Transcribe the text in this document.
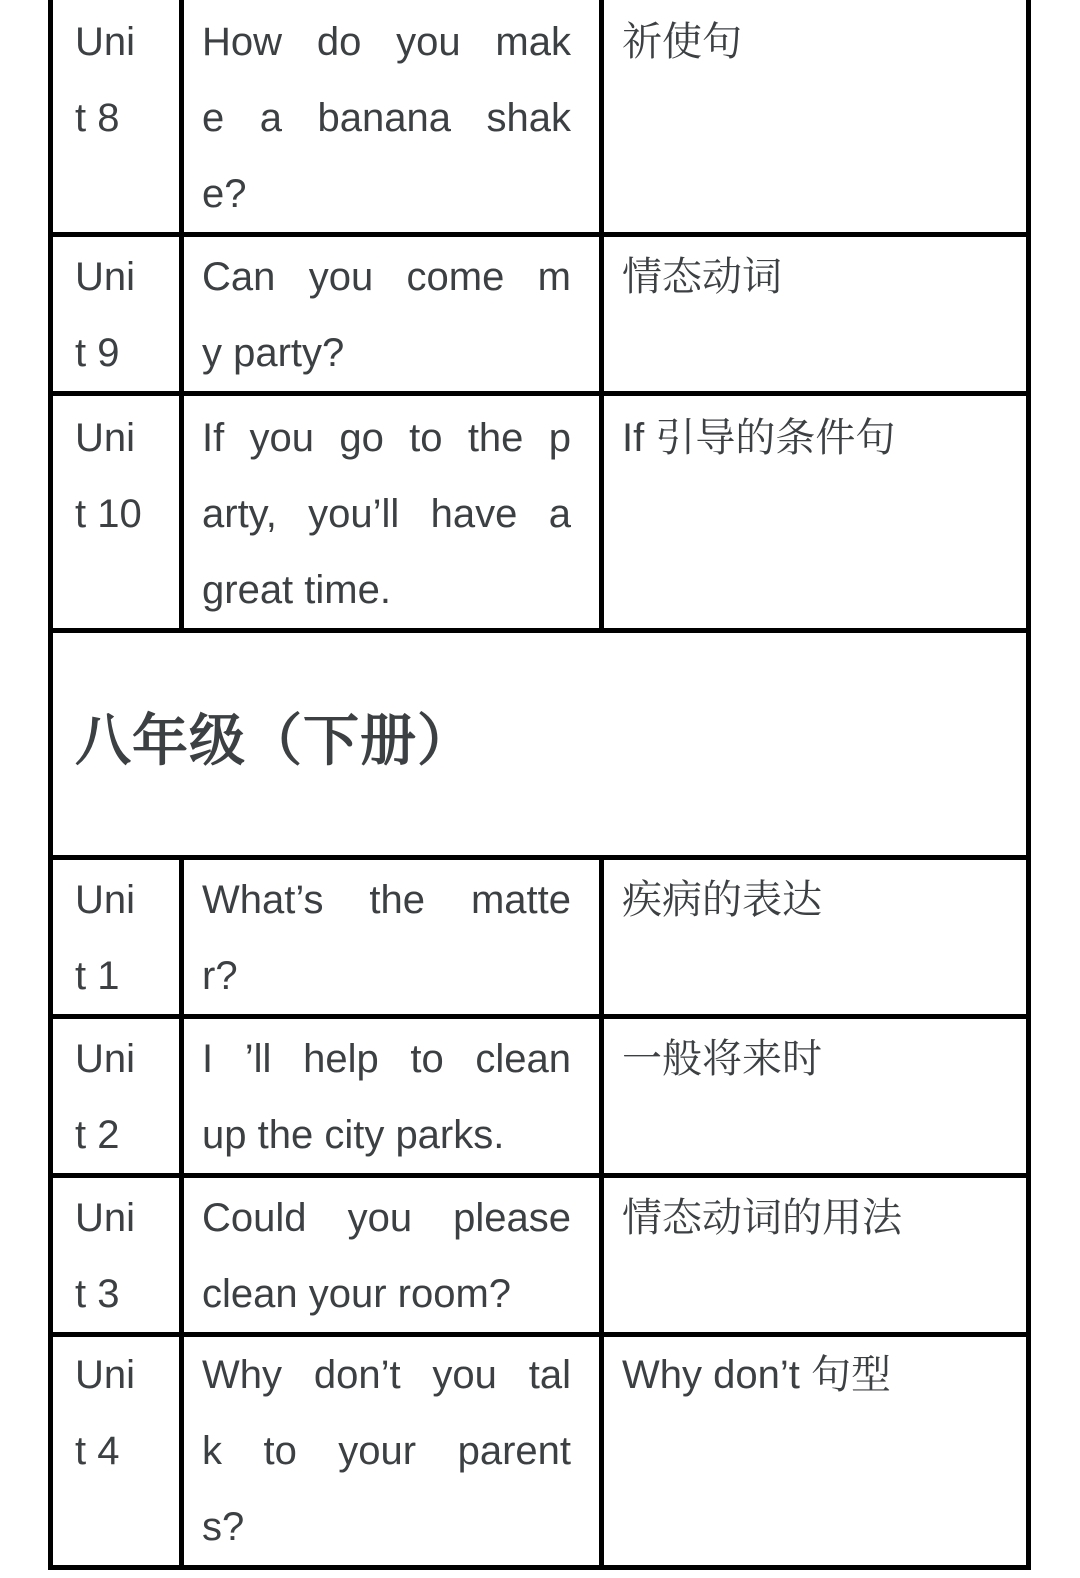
Uni
t 8
How do you mak
e a banana shak
e?
祈使句
Uni
t 9
Can you come m
y party?
情态动词
Uni
t 10
If you go to the p
arty, you’ll have a
great time.
If 引导的条件句
八年级（下册）
Uni
t 1
What’s the matte
r?
疾病的表达
Uni
t 2
I ’ll help to clean
up the city parks.
一般将来时
Uni
t 3
Could you please
clean your room?
情态动词的用法
Uni
t 4
Why don’t you tal
k to your parent
s?
Why don’t 句型
